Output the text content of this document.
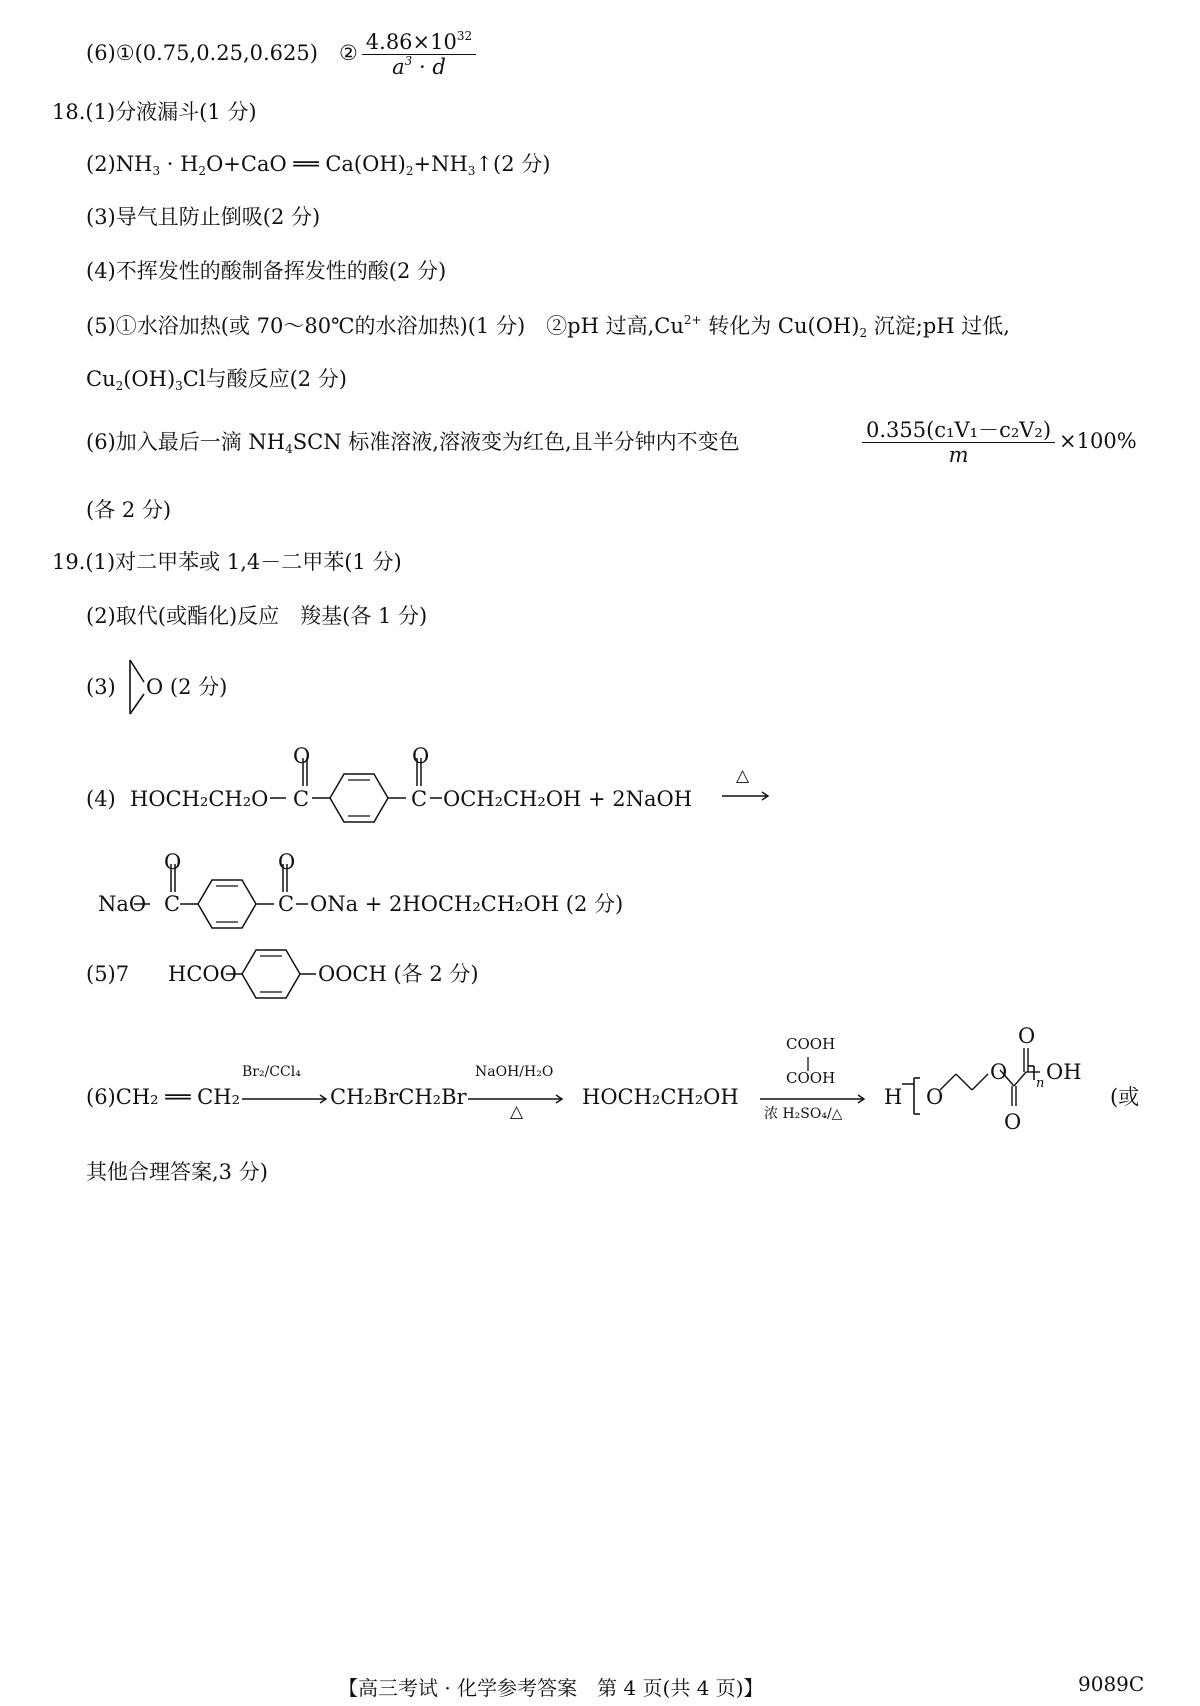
(6)①(0.75,0.25,0.625)　② $\frac{4.86\times 10^{32}}{a^3 \cdot d}$
18.(1)分液漏斗(1 分)
$(2)NH_3 \cdot H_2O+CaO$ ══ $Ca(OH)_2+NH_3↑(2$ 分)
(3)导气且防止倒吸(2 分)
(4)不挥发性的酸制备挥发性的酸(2 分)
(5)①水浴加热(或 70～80℃的水浴加热)(1 分)　②pH 过高$,Cu^{2+}$ 转化为 $Cu(OH)_2$ 沉淀;pH 过低,
$Cu_2(OH)_3Cl$与酸反应(2 分)
(6)加入最后一滴 $NH_4SCN$ 标准溶液,溶液变为红色,且半分钟内不变色	$\frac{\text{0.355(c₁V₁－c₂V₂)}}{m} \times 100\%$
(各 2 分)
19.(1)对二甲苯或 1,4－二甲苯(1 分)
(2)取代(或酯化)反应　羧基(各 1 分)
(3) O (2 分)
(4) HOCH₂CH₂O
O
C
O
C OCH₂CH₂OH + 2NaOH
△
NaO
O
C
O
C ONa + 2HOCH₂CH₂OH (2 分)
(5)7 HCOO	OOCH (各 2 分)
(6)CH₂ ══ CH₂
Br₂/CCl₄
CH₂BrCH₂Br
NaOH/H₂O
△
HOCH₂CH₂OH
COOH
COOH
浓 H₂SO₄/△
H O
O
O
O
n OH
(或
其他合理答案,3 分)
【高三考试 · 化学参考答案　第 4 页(共 4 页)】	9089C
